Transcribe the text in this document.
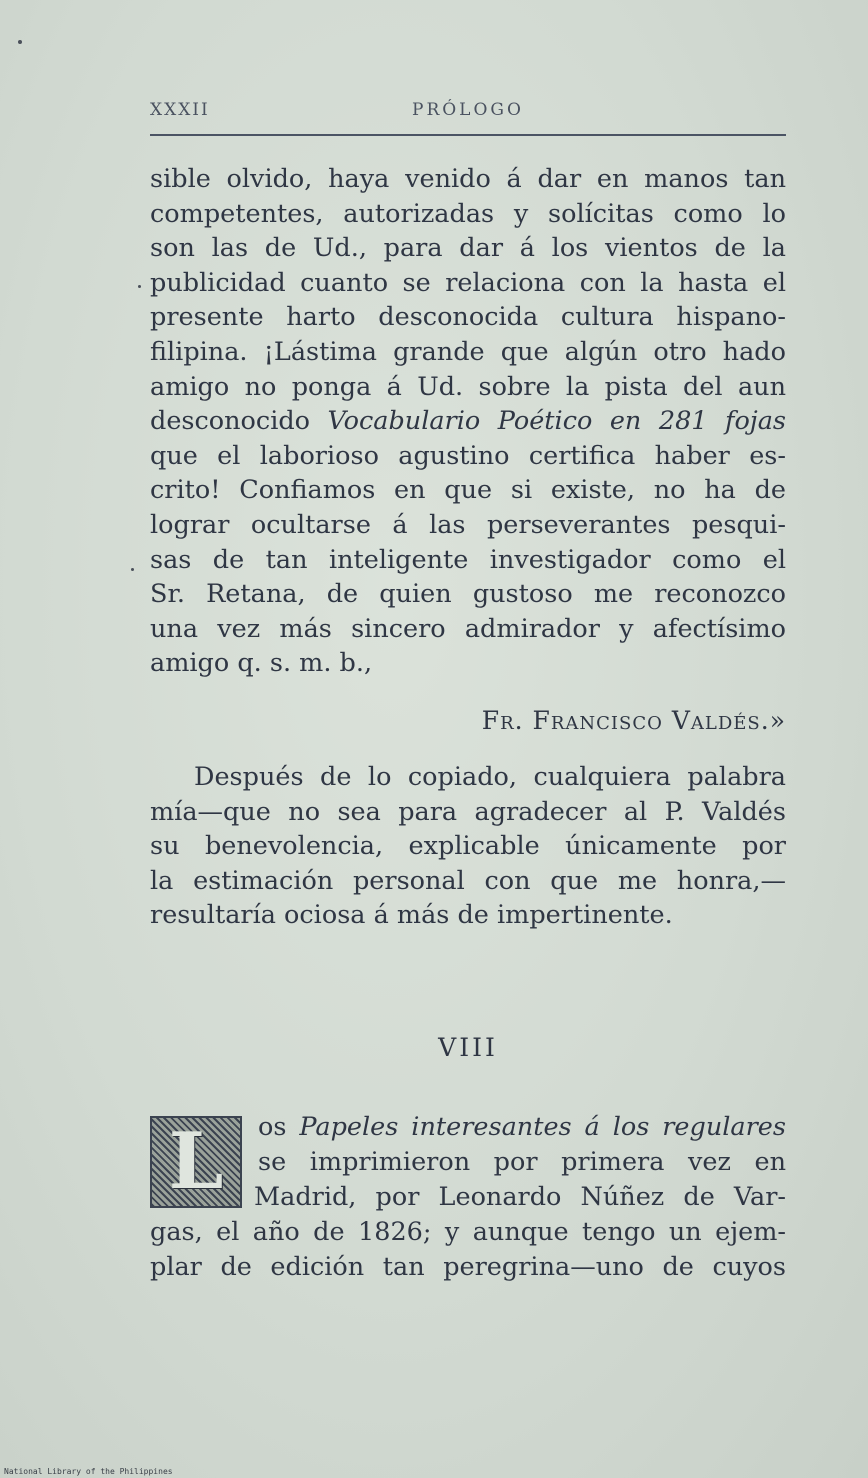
XXXII	PRÓLOGO
sible olvido, haya venido á dar en manos tan
competentes, autorizadas y solícitas como lo
son las de Ud., para dar á los vientos de la
publicidad cuanto se relaciona con la hasta el
presente harto desconocida cultura hispano-
filipina. ¡Lástima grande que algún otro hado
amigo no ponga á Ud. sobre la pista del aun
desconocido Vocabulario Poético en 281 fojas
que el laborioso agustino certifica haber es-
crito! Confiamos en que si existe, no ha de
lograr ocultarse á las perseverantes pesqui-
sas de tan inteligente investigador como el
Sr. Retana, de quien gustoso me reconozco
una vez más sincero admirador y afectísimo
amigo q. s. m. b.,
Fr. Francisco Valdés.»
Después de lo copiado, cualquiera palabra
mía—que no sea para agradecer al P. Valdés
su benevolencia, explicable únicamente por
la estimación personal con que me honra,—
resultaría ociosa á más de impertinente.
VIII
L	os Papeles interesantes á los regulares
se imprimieron por primera vez en
Madrid, por Leonardo Núñez de Var-
gas, el año de 1826; y aunque tengo un ejem-
plar de edición tan peregrina—uno de cuyos
National Library of the Philippines
